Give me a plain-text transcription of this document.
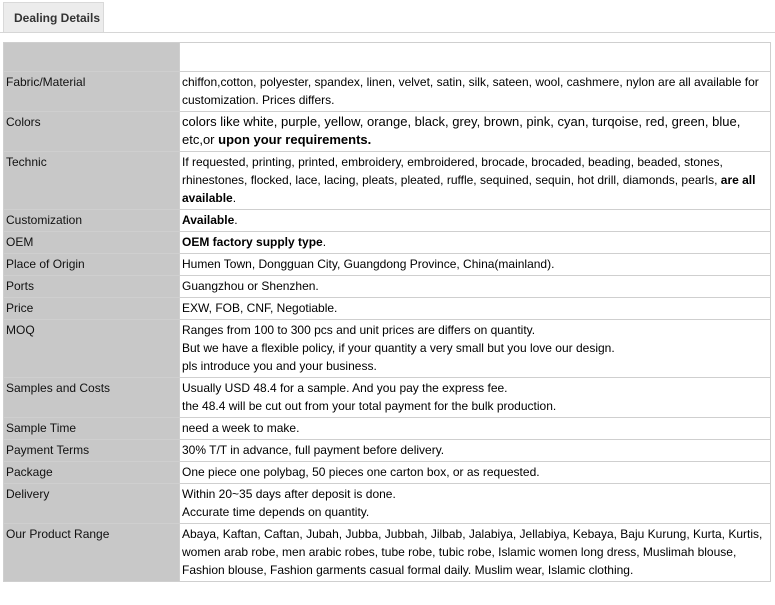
Dealing Details

Fabric/Material	chiffon,cotton, polyester, spandex, linen, velvet, satin, silk, sateen, wool, cashmere, nylon are all available for customization. Prices differs.
Colors	colors like white, purple, yellow, orange, black, grey, brown, pink, cyan, turqoise, red, green, blue, etc,or upon your requirements.
Technic	If requested, printing, printed, embroidery, embroidered, brocade, brocaded, beading, beaded, stones, rhinestones, flocked, lace, lacing, pleats, pleated, ruffle, sequined, sequin, hot drill, diamonds, pearls, are all available.
Customization	Available.
OEM	OEM factory supply type.
Place of Origin	Humen Town, Dongguan City, Guangdong Province, China(mainland).
Ports	Guangzhou or Shenzhen.
Price	EXW, FOB, CNF, Negotiable.
MOQ	Ranges from 100 to 300 pcs and unit prices are differs on quantity.
But we have a flexible policy, if your quantity a very small but you love our design.
pls introduce you and your business.

Samples and Costs	Usually USD 48.4 for a sample. And you pay the express fee.
the 48.4 will be cut out from your total payment for the bulk production.

Sample Time	need a week to make.
Payment Terms	30% T/T in advance, full payment before delivery.
Package	One piece one polybag, 50 pieces one carton box, or as requested.
Delivery	Within 20~35 days after deposit is done.
Accurate time depends on quantity.

Our Product Range	Abaya, Kaftan, Caftan, Jubah, Jubba, Jubbah, Jilbab, Jalabiya, Jellabiya, Kebaya, Baju Kurung, Kurta, Kurtis, women arab robe, men arabic robes, tube robe, tubic robe, Islamic women long dress, Muslimah blouse, Fashion blouse, Fashion garments casual formal daily. Muslim wear, Islamic clothing.
